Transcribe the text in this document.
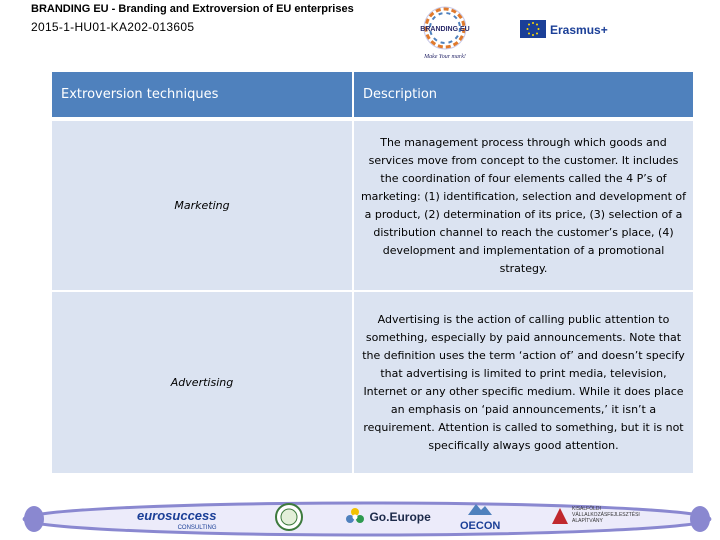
BRANDING EU - Branding and Extroversion of EU enterprises
2015-1-HU01-KA202-013605	BRANDING EU
Make Your mark!
Erasmus+
Extroversion techniques	Description
Marketing	The management process through which goods and services move from concept to the customer. It includes the coordination of four elements called the 4 P’s of marketing: (1) identification, selection and development of a product, (2) determination of its price, (3) selection of a distribution channel to reach the customer’s place, (4) development and implementation of a promotional strategy.
Advertising	Advertising is the action of calling public attention to something, especially by paid announcements. Note that the definition uses the term ‘action of’ and doesn’t specify that advertising is limited to print media, television, Internet or any other specific medium. While it does place an emphasis on ‘paid announcements,’ it isn’t a requirement. Attention is called to something, but it is not specifically always good attention.
eurosuccess
CONSULTING
Go.Europe
OECON
KISALFÖLDI VÁLLALKOZÁSFEJLESZTÉSI ALAPÍTVÁNY
